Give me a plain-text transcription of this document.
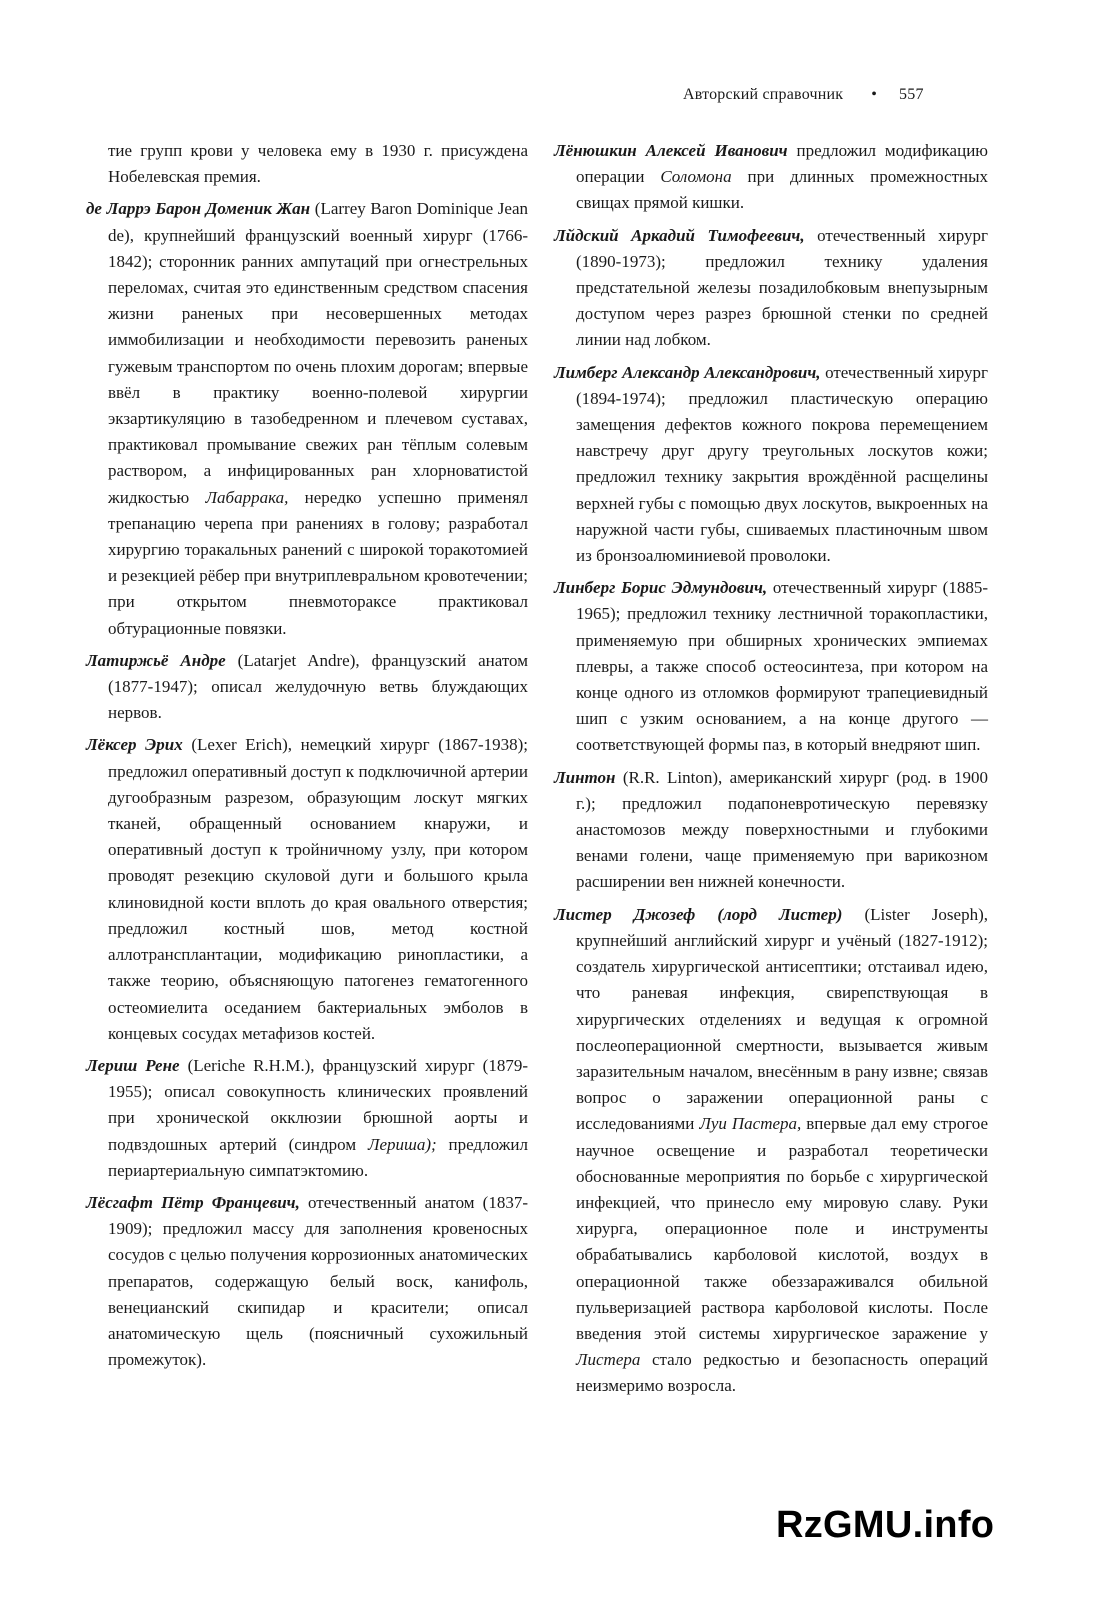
Авторский справочник • 557

тие групп крови у человека ему в 1930 г. присуждена Нобелевская премия.

де Ларрэ Барон Доменик Жан (Larrey Baron Dominique Jean de), крупнейший французский военный хирург (1766-1842); сторонник ранних ампутаций при огнестрельных переломах, считая это единственным средством спасения жизни раненых при несовершенных методах иммобилизации и необходимости перевозить раненых гужевым транспортом по очень плохим дорогам; впервые ввёл в практику военно-полевой хирургии экзартикуляцию в тазобедренном и плечевом суставах, практиковал промывание свежих ран тёплым солевым раствором, а инфицированных ран хлорноватистой жидкостью Лабаррака, нередко успешно применял трепанацию черепа при ранениях в голову; разработал хирургию торакальных ранений с широкой торакотомией и резекцией рёбер при внутриплевральном кровотечении; при открытом пневмотораксе практиковал обтурационные повязки.

Латиржьё Андре (Latarjet Andre), французский анатом (1877-1947); описал желудочную ветвь блуждающих нервов.

Лёксер Эрих (Lexer Erich), немецкий хирург (1867-1938); предложил оперативный доступ к подключичной артерии дугообразным разрезом, образующим лоскут мягких тканей, обращенный основанием кнаружи, и оперативный доступ к тройничному узлу, при котором проводят резекцию скуловой дуги и большого крыла клиновидной кости вплоть до края овального отверстия; предложил костный шов, метод костной аллотрансплантации, модификацию ринопластики, а также теорию, объясняющую патогенез гематогенного остеомиелита оседанием бактериальных эмболов в концевых сосудах метафизов костей.

Лериш Рене (Leriche R.H.M.), французский хирург (1879-1955); описал совокупность клинических проявлений при хронической окклюзии брюшной аорты и подвздошных артерий (синдром Лериша); предложил периартериальную симпатэктомию.

Лёсгафт Пётр Францевич, отечественный анатом (1837-1909); предложил массу для заполнения кровеносных сосудов с целью получения коррозионных анатомических препаратов, содержащую белый воск, канифоль, венецианский скипидар и красители; описал анатомическую щель (поясничный сухожильный промежуток).

Лёнюшкин Алексей Иванович предложил модификацию операции Соломона при длинных промежностных свищах прямой кишки.

Лйдский Аркадий Тимофеевич, отечественный хирург (1890-1973); предложил технику удаления предстательной железы позадилобковым внепузырным доступом через разрез брюшной стенки по средней линии над лобком.

Лимберг Александр Александрович, отечественный хирург (1894-1974); предложил пластическую операцию замещения дефектов кожного покрова перемещением навстречу друг другу треугольных лоскутов кожи; предложил технику закрытия врождённой расщелины верхней губы с помощью двух лоскутов, выкроенных на наружной части губы, сшиваемых пластиночным швом из бронзоалюминиевой проволоки.

Линберг Борис Эдмундович, отечественный хирург (1885-1965); предложил технику лестничной торакопластики, применяемую при обширных хронических эмпиемах плевры, а также способ остеосинтеза, при котором на конце одного из отломков формируют трапециевидный шип с узким основанием, а на конце другого — соответствующей формы паз, в который внедряют шип.

Линтон (R.R. Linton), американский хирург (род. в 1900 г.); предложил подапоневротическую перевязку анастомозов между поверхностными и глубокими венами голени, чаще применяемую при варикозном расширении вен нижней конечности.

Листер Джозеф (лорд Листер) (Lister Joseph), крупнейший английский хирург и учёный (1827-1912); создатель хирургической антисептики; отстаивал идею, что раневая инфекция, свирепствующая в хирургических отделениях и ведущая к огромной послеоперационной смертности, вызывается живым заразительным началом, внесённым в рану извне; связав вопрос о заражении операционной раны с исследованиями Луи Пастера, впервые дал ему строгое научное освещение и разработал теоретически обоснованные мероприятия по борьбе с хирургической инфекцией, что принесло ему мировую славу. Руки хирурга, операционное поле и инструменты обрабатывались карболовой кислотой, воздух в операционной также обеззараживался обильной пульверизацией раствора карболовой кислоты. После введения этой системы хирургическое заражение у Листера стало редкостью и безопасность операций неизмеримо возросла.

RzGMU.info
